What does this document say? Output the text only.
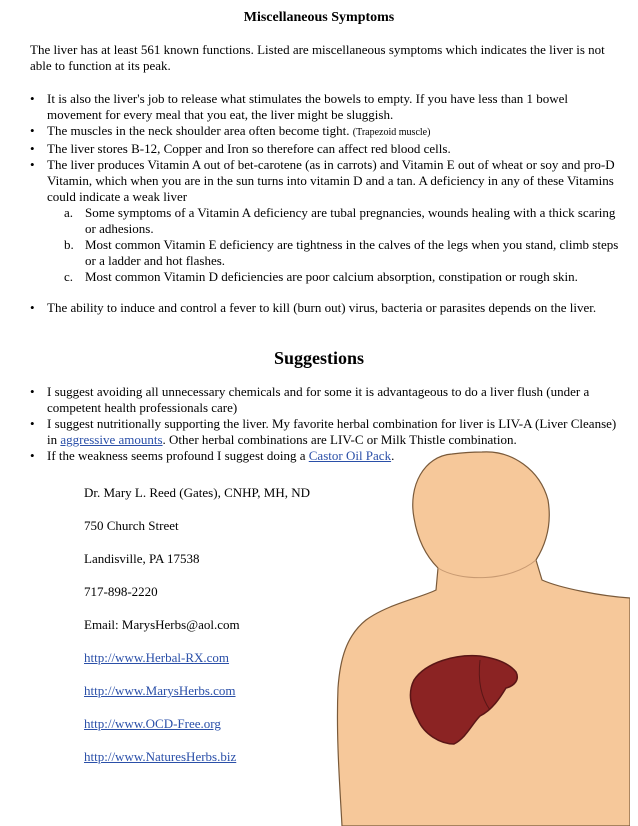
Miscellaneous Symptoms

The liver has at least 561 known functions. Listed are miscellaneous symptoms which indicates the liver is not able to function at its peak.

• It is also the liver's job to release what stimulates the bowels to empty. If you have less than 1 bowel movement for every meal that you eat, the liver might be sluggish.
• The muscles in the neck shoulder area often become tight. (Trapezoid muscle)
• The liver stores B-12, Copper and Iron so therefore can affect red blood cells.
• The liver produces Vitamin A out of bet-carotene (as in carrots) and Vitamin E out of wheat or soy and pro-D Vitamin, which when you are in the sun turns into vitamin D and a tan. A deficiency in any of these Vitamins could indicate a weak liver
a. Some symptoms of a Vitamin A deficiency are tubal pregnancies, wounds healing with a thick scaring or adhesions.
b. Most common Vitamin E deficiency are tightness in the calves of the legs when you stand, climb steps or a ladder and hot flashes.
c. Most common Vitamin D deficiencies are poor calcium absorption, constipation or rough skin.
• The ability to induce and control a fever to kill (burn out) virus, bacteria or parasites depends on the liver.
Suggestions
• I suggest avoiding all unnecessary chemicals and for some it is advantageous to do a liver flush (under a competent health professionals care)
• I suggest nutritionally supporting the liver. My favorite herbal combination for liver is LIV-A (Liver Cleanse) in aggressive amounts. Other herbal combinations are LIV-C or Milk Thistle combination.
• If the weakness seems profound I suggest doing a Castor Oil Pack.

Dr. Mary L. Reed (Gates), CNHP, MH, ND

750 Church Street

Landisville, PA 17538

717-898-2220

Email: MarysHerbs@aol.com

http://www.Herbal-RX.com

http://www.MarysHerbs.com

http://www.OCD-Free.org

http://www.NaturesHerbs.biz
